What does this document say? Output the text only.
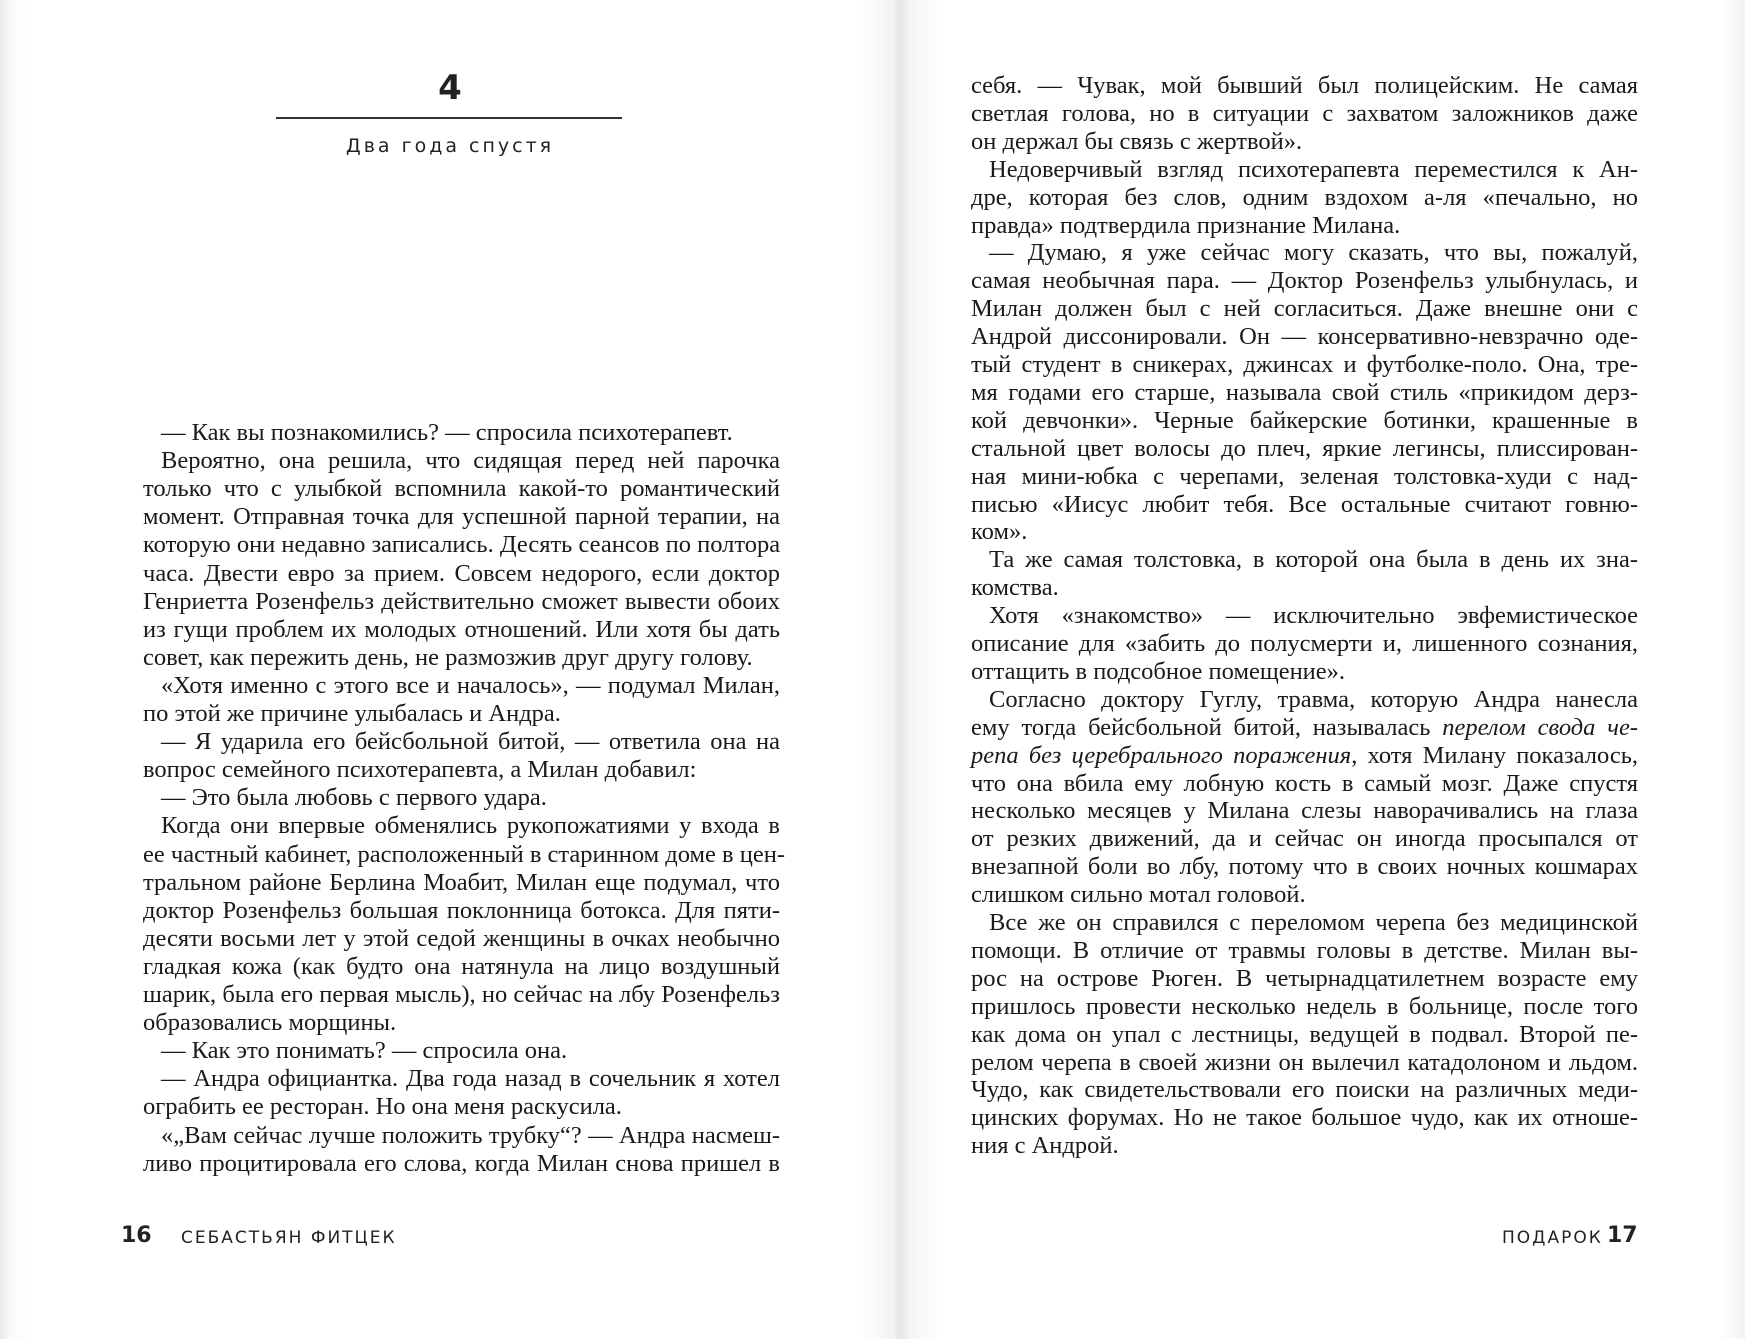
4
Два года спустя
— Как вы познакомились? — спросила психотерапевт.
Вероятно, она решила, что сидящая перед ней парочка
только что с улыбкой вспомнила какой-то романтический
момент. Отправная точка для успешной парной терапии, на
которую они недавно записались. Десять сеансов по полтора
часа. Двести евро за прием. Совсем недорого, если доктор
Генриетта Розенфельз действительно сможет вывести обоих
из гущи проблем их молодых отношений. Или хотя бы дать
совет, как пережить день, не размозжив друг другу голову.
«Хотя именно с этого все и началось», — подумал Милан,
по этой же причине улыбалась и Андра.
— Я ударила его бейсбольной битой, — ответила она на
вопрос семейного психотерапевта, а Милан добавил:
— Это была любовь с первого удара.
Когда они впервые обменялись рукопожатиями у входа в
ее частный кабинет, расположенный в старинном доме в цен-
тральном районе Берлина Моабит, Милан еще подумал, что
доктор Розенфельз большая поклонница ботокса. Для пяти-
десяти восьми лет у этой седой женщины в очках необычно
гладкая кожа (как будто она натянула на лицо воздушный
шарик, была его первая мысль), но сейчас на лбу Розенфельз
образовались морщины.
— Как это понимать? — спросила она.
— Андра официантка. Два года назад в сочельник я хотел
ограбить ее ресторан. Но она меня раскусила.
«„Вам сейчас лучше положить трубку“? — Андра насмеш-
ливо процитировала его слова, когда Милан снова пришел в
16 СЕБАСТЬЯН ФИТЦЕК
себя. — Чувак, мой бывший был полицейским. Не самая
светлая голова, но в ситуации с захватом заложников даже
он держал бы связь с жертвой».
Недоверчивый взгляд психотерапевта переместился к Ан-
дре, которая без слов, одним вздохом а-ля «печально, но
правда» подтвердила признание Милана.
— Думаю, я уже сейчас могу сказать, что вы, пожалуй,
самая необычная пара. — Доктор Розенфельз улыбнулась, и
Милан должен был с ней согласиться. Даже внешне они с
Андрой диссонировали. Он — консервативно-невзрачно оде-
тый студент в сникерах, джинсах и футболке-поло. Она, тре-
мя годами его старше, называла свой стиль «прикидом дерз-
кой девчонки». Черные байкерские ботинки, крашенные в
стальной цвет волосы до плеч, яркие легинсы, плиссирован-
ная мини-юбка с черепами, зеленая толстовка-худи с над-
писью «Иисус любит тебя. Все остальные считают говню-
ком».
Та же самая толстовка, в которой она была в день их зна-
комства.
Хотя «знакомство» — исключительно эвфемистическое
описание для «забить до полусмерти и, лишенного сознания,
оттащить в подсобное помещение».
Согласно доктору Гуглу, травма, которую Андра нанесла
ему тогда бейсбольной битой, называлась перелом свода че-
репа без церебрального поражения, хотя Милану показалось,
что она вбила ему лобную кость в самый мозг. Даже спустя
несколько месяцев у Милана слезы наворачивались на глаза
от резких движений, да и сейчас он иногда просыпался от
внезапной боли во лбу, потому что в своих ночных кошмарах
слишком сильно мотал головой.
Все же он справился с переломом черепа без медицинской
помощи. В отличие от травмы головы в детстве. Милан вы-
рос на острове Рюген. В четырнадцатилетнем возрасте ему
пришлось провести несколько недель в больнице, после того
как дома он упал с лестницы, ведущей в подвал. Второй пе-
релом черепа в своей жизни он вылечил катадолоном и льдом.
Чудо, как свидетельствовали его поиски на различных меди-
цинских форумах. Но не такое большое чудо, как их отноше-
ния с Андрой.
ПОДАРОК 17
